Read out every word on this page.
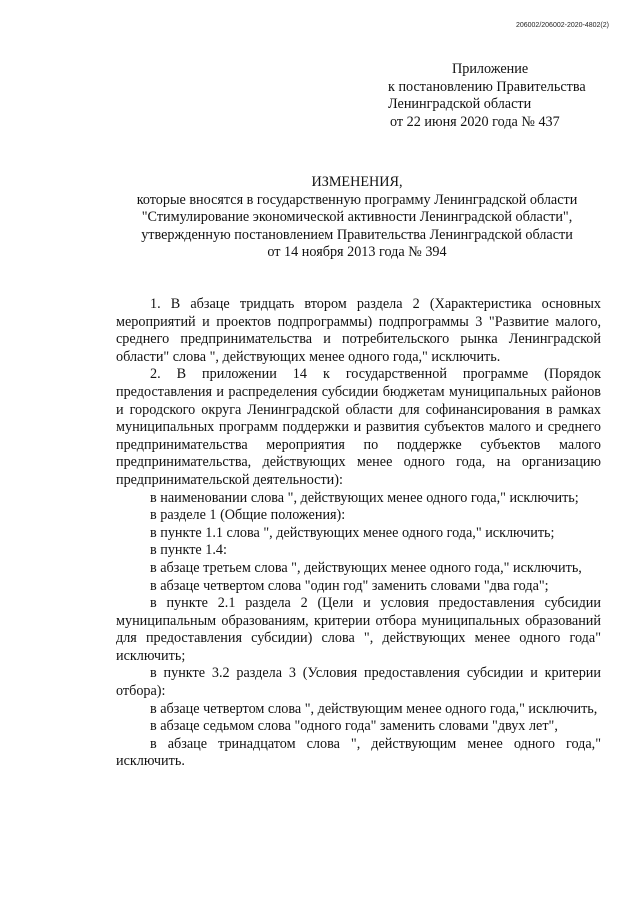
206002/206002-2020-4802(2)
Приложение
к постановлению Правительства
Ленинградской области
от 22 июня 2020 года № 437
ИЗМЕНЕНИЯ,
которые вносятся в государственную программу Ленинградской области
"Стимулирование экономической активности Ленинградской области",
утвержденную постановлением Правительства Ленинградской области
от 14 ноября 2013 года № 394

1. В абзаце тридцать втором раздела 2 (Характеристика основных мероприятий и проектов подпрограммы) подпрограммы 3 "Развитие малого, среднего предпринимательства и потребительского рынка Ленинградской области" слова ", действующих менее одного года," исключить.

2. В приложении 14 к государственной программе (Порядок предоставления и распределения субсидии бюджетам муниципальных районов и городского округа Ленинградской области для софинансирования в рамках муниципальных программ поддержки и развития субъектов малого и среднего предпринимательства мероприятия по поддержке субъектов малого предпринимательства, действующих менее одного года, на организацию предпринимательской деятельности):

в наименовании слова ", действующих менее одного года," исключить;

в разделе 1 (Общие положения):

в пункте 1.1 слова ", действующих менее одного года," исключить;

в пункте 1.4:

в абзаце третьем слова ", действующих менее одного года," исключить,

в абзаце четвертом слова "один год" заменить словами "два года";

в пункте 2.1 раздела 2 (Цели и условия предоставления субсидии муниципальным образованиям, критерии отбора муниципальных образований для предоставления субсидии) слова ", действующих менее одного года" исключить;

в пункте 3.2 раздела 3 (Условия предоставления субсидии и критерии отбора):

в абзаце четвертом слова ", действующим менее одного года," исключить,

в абзаце седьмом слова "одного года" заменить словами "двух лет",

в абзаце тринадцатом слова ", действующим менее одного года," исключить.
